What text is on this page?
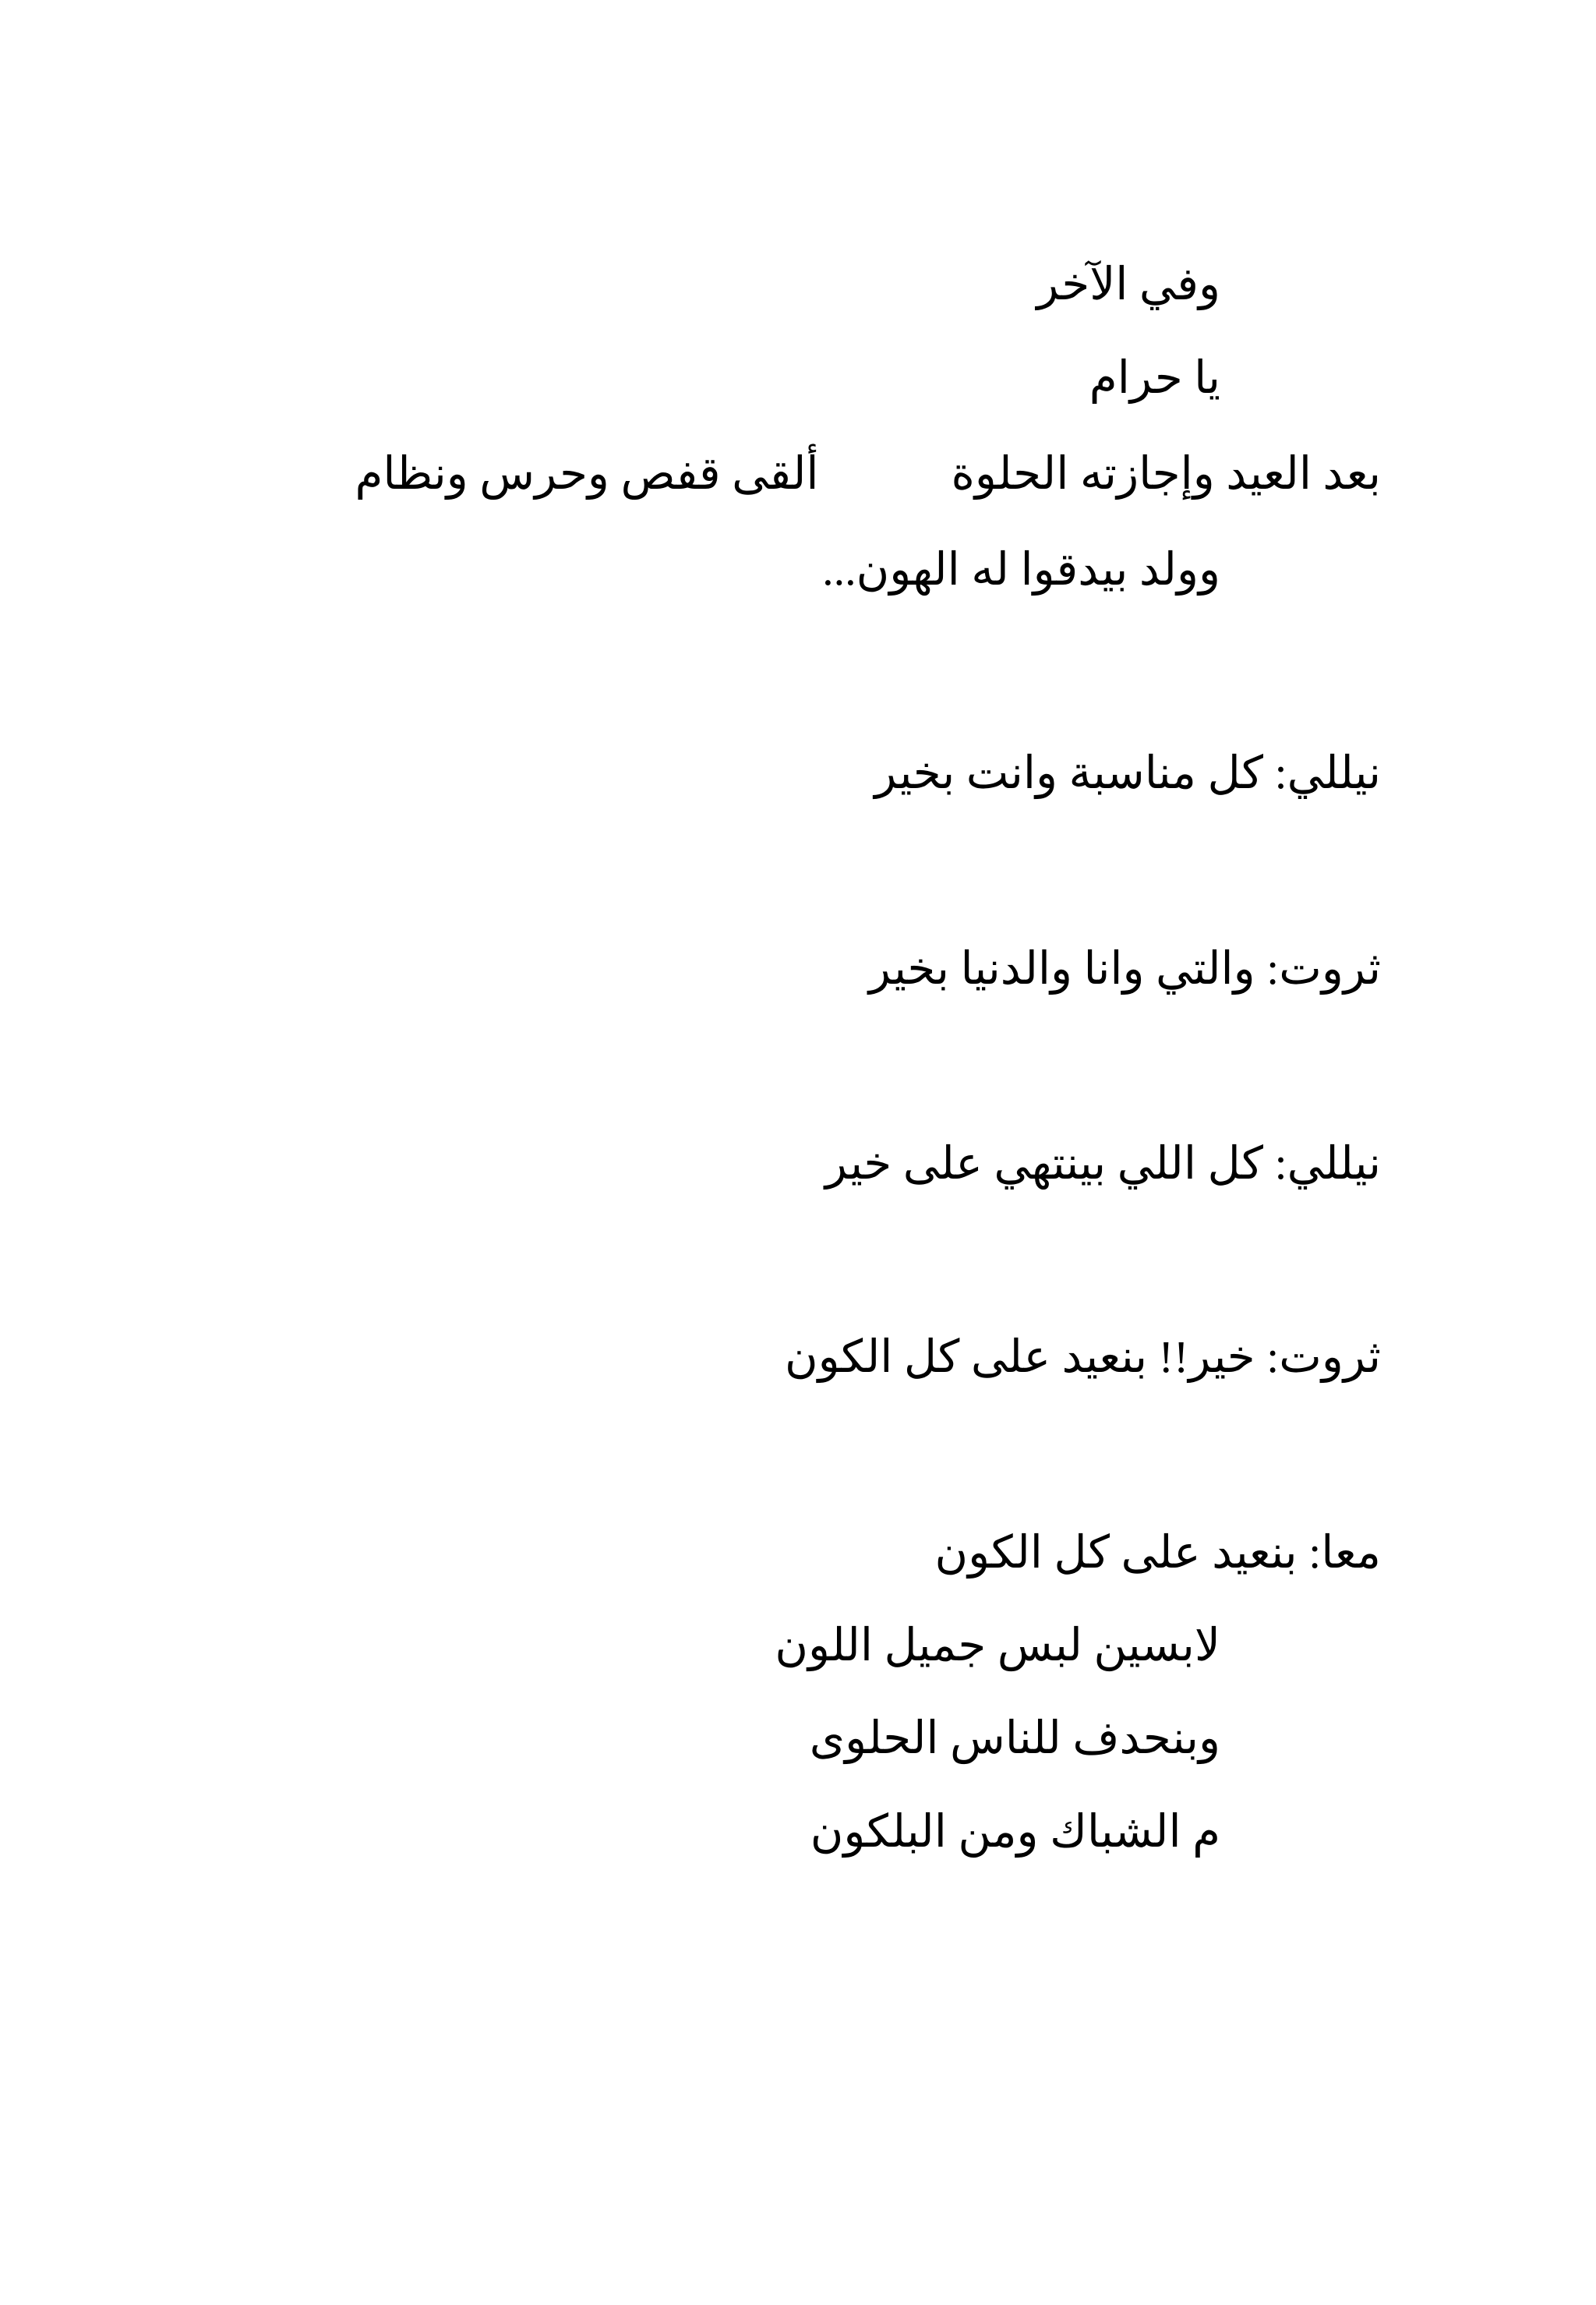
وفي الآخر
يا حرام
بعد العيد وإجازته الحلوة
ألقى قفص وحرس ونظام
وولد بيدقوا له الهون...
نيللي: كل مناسبة وانت بخير
ثروت: والتي وانا والدنيا بخير
نيللي: كل اللي بينتهي على خير
ثروت: خير!! بنعيد على كل الكون
معا: بنعيد على كل الكون
لابسين لبس جميل اللون
وبنحدف للناس الحلوى
م الشباك ومن البلكون
